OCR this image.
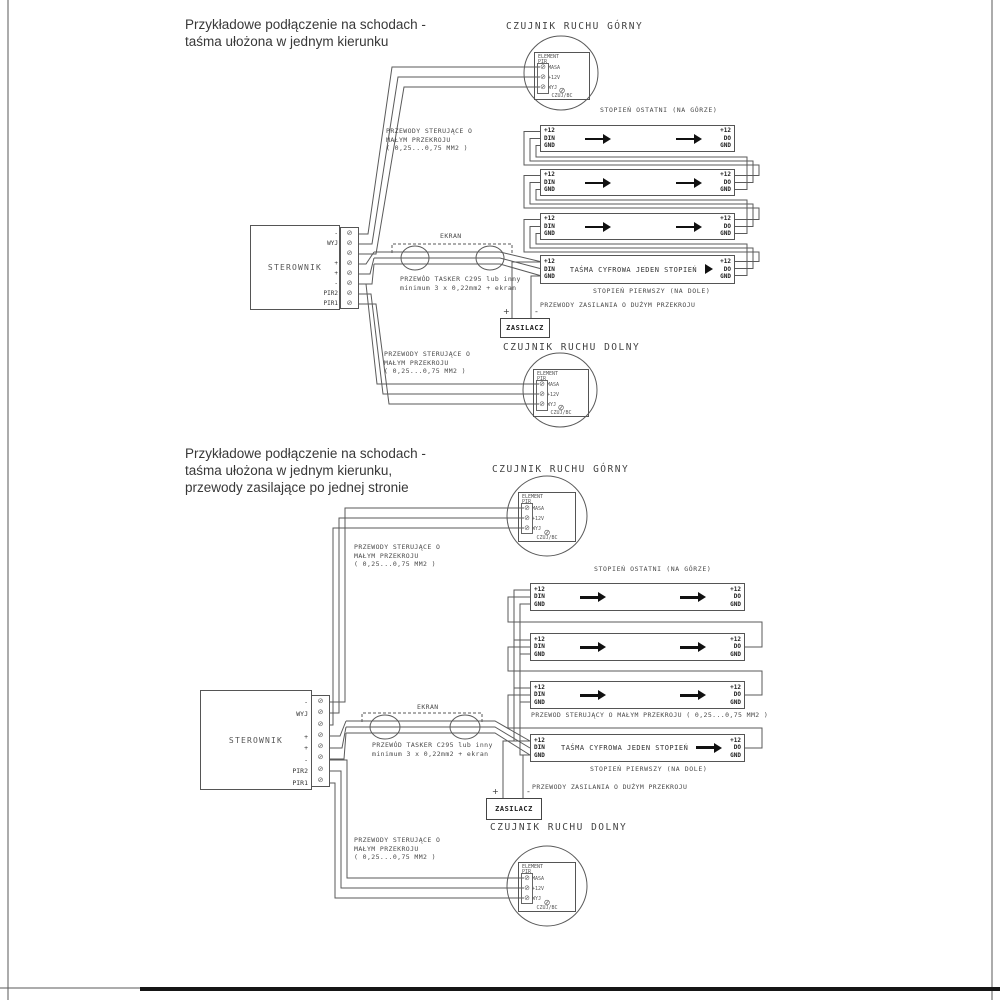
Przykładowe podłączenie na schodach -
taśma ułożona w jednym kierunku
CZUJNIK RUCHU GÓRNY
CZUJNIK RUCHU DOLNY
ELEMENT
PIR
⊘ MASA
⊘ +12V
⊘ WYJ ⊘
CZUJ/BC
ELEMENT
PIR
⊘ MASA
⊘ +12V
⊘ WYJ ⊘
CZUJ/BC
STEROWNIK
-
WYJ

+
+
-
PIR2
PIR1
⊘
⊘
⊘
⊘
⊘
⊘
⊘
⊘
PRZEWODY STERUJĄCE O
MAŁYM PRZEKROJU
( 0,25...0,75 MM2 )
PRZEWODY STERUJĄCE O
MAŁYM PRZEKROJU
( 0,25...0,75 MM2 )
EKRAN
PRZEWÓD TASKER C295 lub inny
minimum 3 x 0,22mm2 + ekran
PRZEWODY ZASILANIA O DUŻYM PRZEKROJU
STOPIEŃ OSTATNI (NA GÓRZE)
STOPIEŃ PIERWSZY (NA DOLE)
ZASILACZ
+	-
+12
DIN
GND
+12
DO
GND
+12
DIN
GND
+12
DO
GND
+12
DIN
GND
+12
DO
GND
+12
DIN
GND
TAŚMA CYFROWA JEDEN STOPIEŃ
+12
DO
GND
Przykładowe podłączenie na schodach -
taśma ułożona w jednym kierunku,
przewody zasilające po jednej stronie
CZUJNIK RUCHU GÓRNY
CZUJNIK RUCHU DOLNY
ELEMENT
PIR
⊘ MASA
⊘ +12V
⊘ WYJ ⊘
CZUJ/BC
ELEMENT
PIR
⊘ MASA
⊘ +12V
⊘ WYJ ⊘
CZUJ/BC
STEROWNIK
-
WYJ

+
+
-
PIR2
PIR1
⊘
⊘
⊘
⊘
⊘
⊘
⊘
⊘
PRZEWODY STERUJĄCE O
MAŁYM PRZEKROJU
( 0,25...0,75 MM2 )
PRZEWODY STERUJĄCE O
MAŁYM PRZEKROJU
( 0,25...0,75 MM2 )
EKRAN
PRZEWÓD TASKER C295 lub inny
minimum 3 x 0,22mm2 + ekran
PRZEWODY ZASILANIA O DUŻYM PRZEKROJU
PRZEWOD STERUJĄCY O MAŁYM PRZEKROJU ( 0,25...0,75 MM2 )
STOPIEŃ OSTATNI (NA GÓRZE)
STOPIEŃ PIERWSZY (NA DOLE)
ZASILACZ
+	-
+12
DIN
GND
+12
DO
GND
+12
DIN
GND
+12
DO
GND
+12
DIN
GND
+12
DO
GND
+12
DIN
GND
TAŚMA CYFROWA JEDEN STOPIEŃ
+12
DO
GND
